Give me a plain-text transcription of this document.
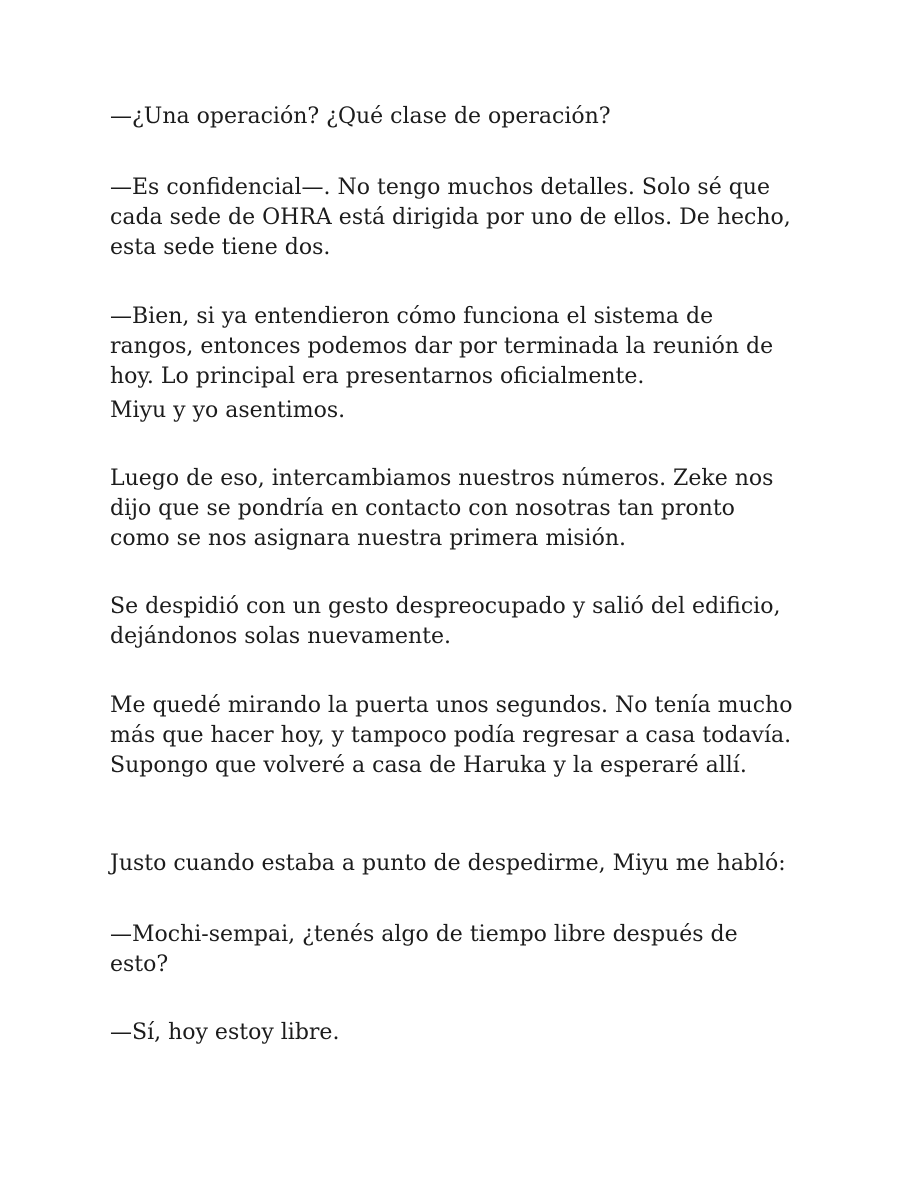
—¿Una operación? ¿Qué clase de operación?

—Es confidencial—. No tengo muchos detalles. Solo sé que cada sede de OHRA está dirigida por uno de ellos. De hecho, esta sede tiene dos.

—Bien, si ya entendieron cómo funciona el sistema de rangos, entonces podemos dar por terminada la reunión de hoy. Lo principal era presentarnos oficialmente.

Miyu y yo asentimos.

Luego de eso, intercambiamos nuestros números. Zeke nos dijo que se pondría en contacto con nosotras tan pronto como se nos asignara nuestra primera misión.

Se despidió con un gesto despreocupado y salió del edificio, dejándonos solas nuevamente.

Me quedé mirando la puerta unos segundos. No tenía mucho más que hacer hoy, y tampoco podía regresar a casa todavía. Supongo que volveré a casa de Haruka y la esperaré allí.

Justo cuando estaba a punto de despedirme, Miyu me habló:

—Mochi-sempai, ¿tenés algo de tiempo libre después de esto?

—Sí, hoy estoy libre.
